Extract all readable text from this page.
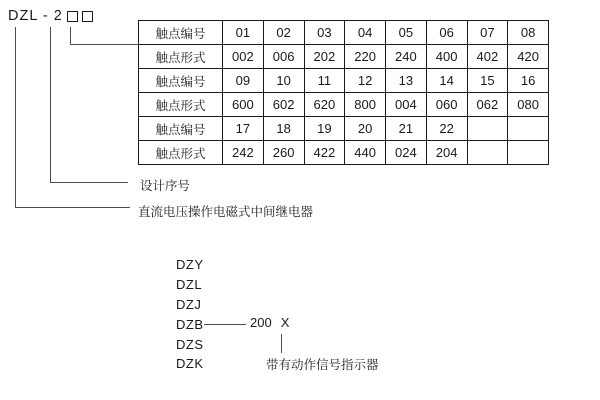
DZL - 2
触点编号	01	02	03	04	05	06	07	08
触点形式	002	006	202	220	240	400	402	420
触点编号	09	10	11	12	13	14	15	16
触点形式	600	602	620	800	004	060	062	080
触点编号	17	18	19	20	21	22		
触点形式	242	260	422	440	024	204		
设计序号
直流电压操作电磁式中间继电器
DZY
DZL
DZJ
DZB
DZS
DZK
200 X
带有动作信号指示器
